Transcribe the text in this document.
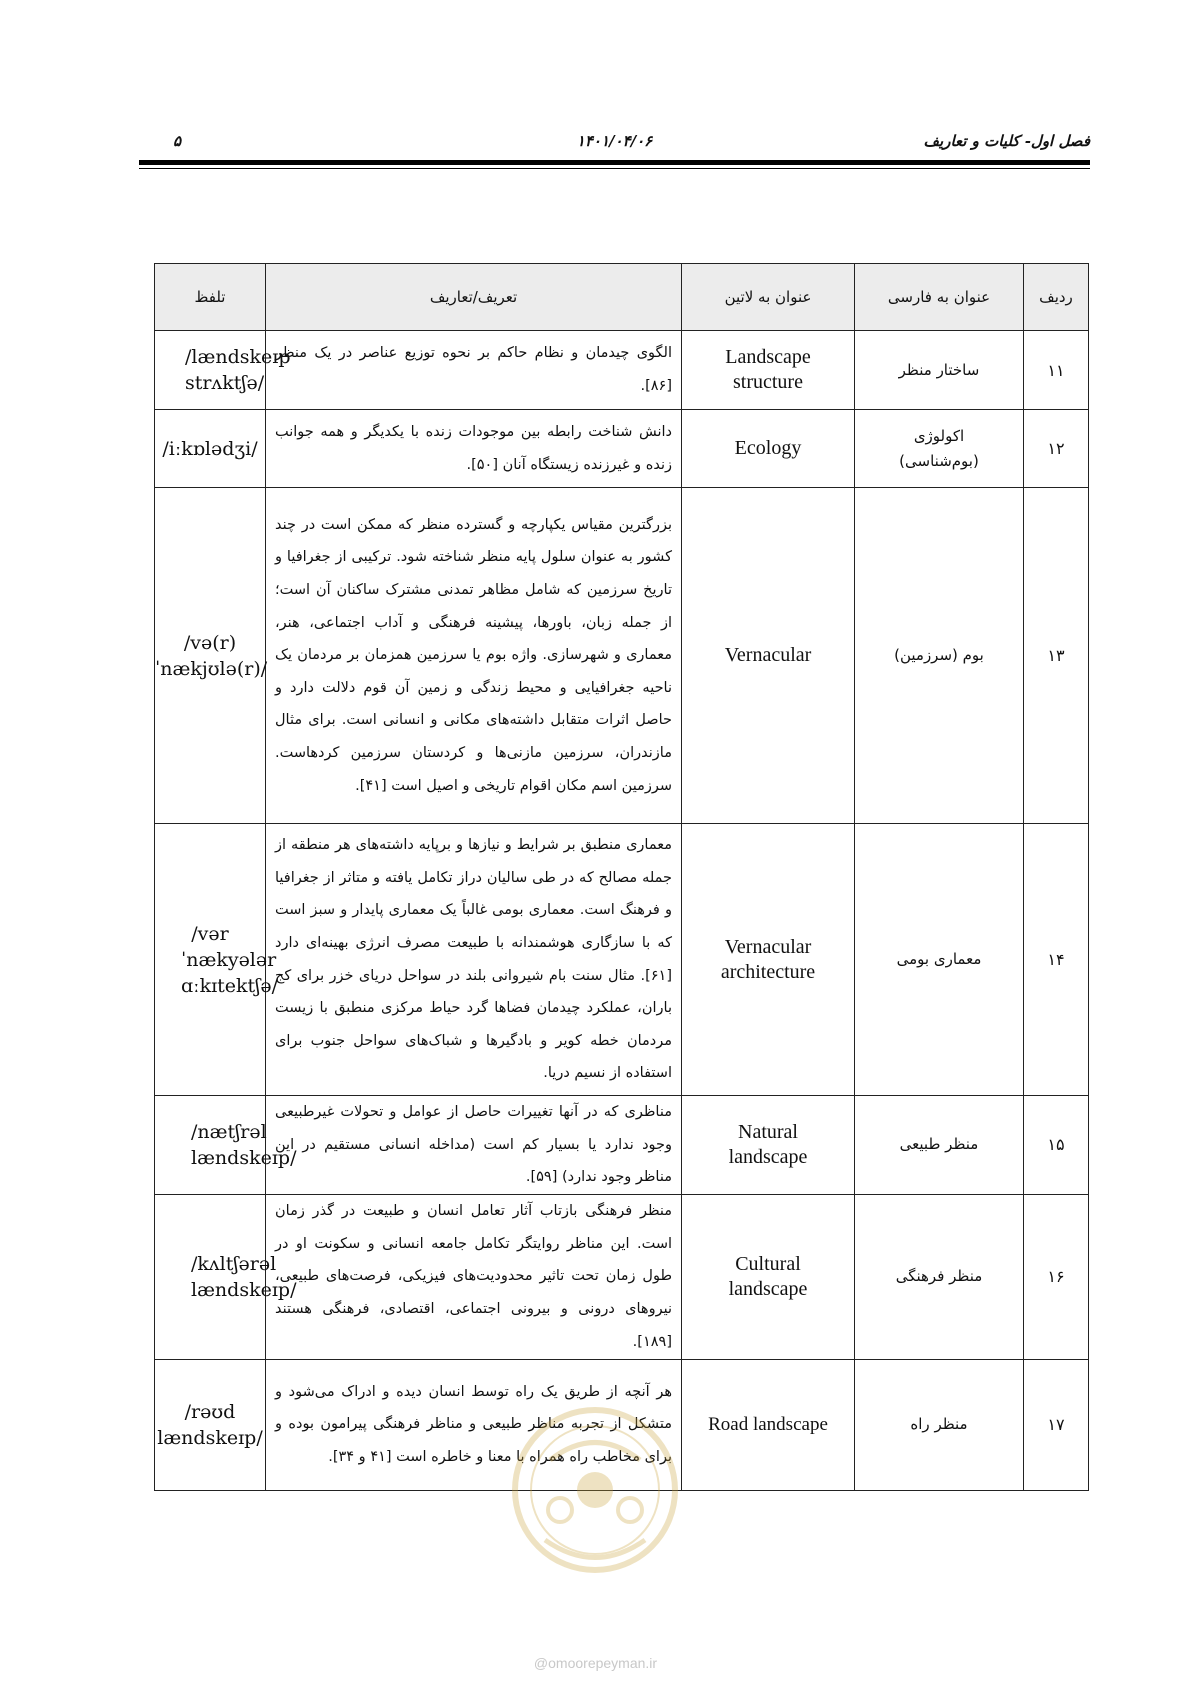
فصل اول- کلیات و تعاریف
۱۴۰۱/۰۴/۰۶
۵
ردیف	عنوان به فارسی	عنوان به لاتین	تعریف/تعاریف	تلفظ
۱۱	ساختار منظر	Landscape structure	الگوی چیدمان و نظام حاکم بر نحوه توزیع عناصر در یک منظر [۸۶].	/lændskeɪp strʌktʃə/
۱۲	اکولوژی (بوم‌شناسی)	Ecology	دانش شناخت رابطه بین موجودات زنده با یکدیگر و همه جوانب زنده و غیرزنده زیستگاه آنان [۵۰].	/iːkɒlədʒi/
۱۳	بوم (سرزمین)	Vernacular	بزرگترین مقیاس یکپارچه و گسترده منظر که ممکن است در چند کشور به عنوان سلول پایه منظر شناخته شود. ترکیبی از جغرافیا و تاریخ سرزمین که شامل مظاهر تمدنی مشترک ساکنان آن است؛ از جمله زبان، باورها، پیشینه فرهنگی و آداب اجتماعی، هنر، معماری و شهرسازی. واژه بوم یا سرزمین همزمان بر مردمان یک ناحیه جغرافیایی و محیط زندگی و زمین آن قوم دلالت دارد و حاصل اثرات متقابل داشته‌های مکانی و انسانی است. برای مثال مازندران، سرزمین مازنی‌ها و کردستان سرزمین کردهاست. سرزمین اسم مکان اقوام تاریخی و اصیل است [۴۱].	/və(r)ˈnækjʊlə(r)/
۱۴	معماری بومی	Vernacular architecture	معماری منطبق بر شرایط و نیازها و برپایه داشته‌های هر منطقه از جمله مصالح که در طی سالیان دراز تکامل یافته و متاثر از جغرافیا و فرهنگ است. معماری بومی غالباً یک معماری پایدار و سبز است که با سازگاری هوشمندانه با طبیعت مصرف انرژی بهینه‌ای دارد [۶۱]. مثال سنت بام شیروانی بلند در سواحل دریای خزر برای کج باران، عملکرد چیدمان فضاها گرد حیاط مرکزی منطبق با زیست مردمان خطه کویر و بادگیرها و شباک‌های سواحل جنوب برای استفاده از نسیم دریا.	/vərˈnækyələr ɑːkɪtektʃə/
۱۵	منظر طبیعی	Natural landscape	مناظری که در آنها تغییرات حاصل از عوامل و تحولات غیرطبیعی وجود ندارد یا بسیار کم است (مداخله انسانی مستقیم در این مناظر وجود ندارد) [۵۹].	/nætʃrəl lændskeɪp/
۱۶	منظر فرهنگی	Cultural landscape	منظر فرهنگی بازتاب آثار تعامل انسان و طبیعت در گذر زمان است. این مناظر روایتگر تکامل جامعه انسانی و سکونت او در طول زمان تحت تاثیر محدودیت‌های فیزیکی، فرصت‌های طبیعی، نیروهای درونی و بیرونی اجتماعی، اقتصادی، فرهنگی هستند [۱۸۹].	/kʌltʃərəl lændskeɪp/
۱۷	منظر راه	Road landscape	هر آنچه از طریق یک راه توسط انسان دیده و ادراک می‌شود و متشکل از تجربه مناظر طبیعی و مناظر فرهنگی پیرامون بوده و برای مخاطب راه همراه با معنا و خاطره است [۴۱ و ۳۴].	/rəʊd lændskeɪp/
@omoorepeyman.ir
